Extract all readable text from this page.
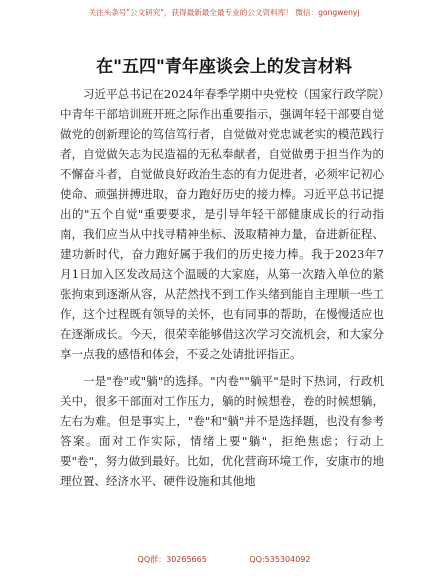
关注头条号"公文研究"，获得最新最全最专业的公文资料库！ 微信：gongwenyj
在"五四"青年座谈会上的发言材料

习近平总书记在2024年春季学期中央党校（国家行政学院）中青年干部培训班开班之际作出重要指示，强调年轻干部要自觉做党的创新理论的笃信笃行者，自觉做对党忠诚老实的模范践行者，自觉做矢志为民造福的无私奉献者，自觉做勇于担当作为的不懈奋斗者，自觉做良好政治生态的有力促进者，必须牢记初心使命、顽强拼搏进取，奋力跑好历史的接力棒。习近平总书记提出的"五个自觉"重要要求，是引导年轻干部健康成长的行动指南，我们应当从中找寻精神坐标、汲取精神力量，奋进新征程、建功新时代，奋力跑好属于我们的历史接力棒。我于2023年7月1日加入区发改局这个温暖的大家庭，从第一次踏入单位的紧张拘束到逐渐从容，从茫然找不到工作头绪到能自主理顺一些工作，这个过程既有领导的关怀，也有同事的帮助，在慢慢适应也在逐渐成长。今天，很荣幸能够借这次学习交流机会，和大家分享一点我的感悟和体会，不妥之处请批评指正。

一是"卷"或"躺"的选择。"内卷""躺平"是时下热词，行政机关中，很多干部面对工作压力，躺的时候想卷，卷的时候想躺，左右为难。但是事实上，"卷"和"躺"并不是选择题，也没有参考答案。面对工作实际，情绪上要"躺"，拒绝焦虑；行动上要"卷"，努力做到最好。比如，优化营商环境工作，安康市的地理位置、经济水平、硬件设施和其他地

QQ群：30265665	QQ:535304092
